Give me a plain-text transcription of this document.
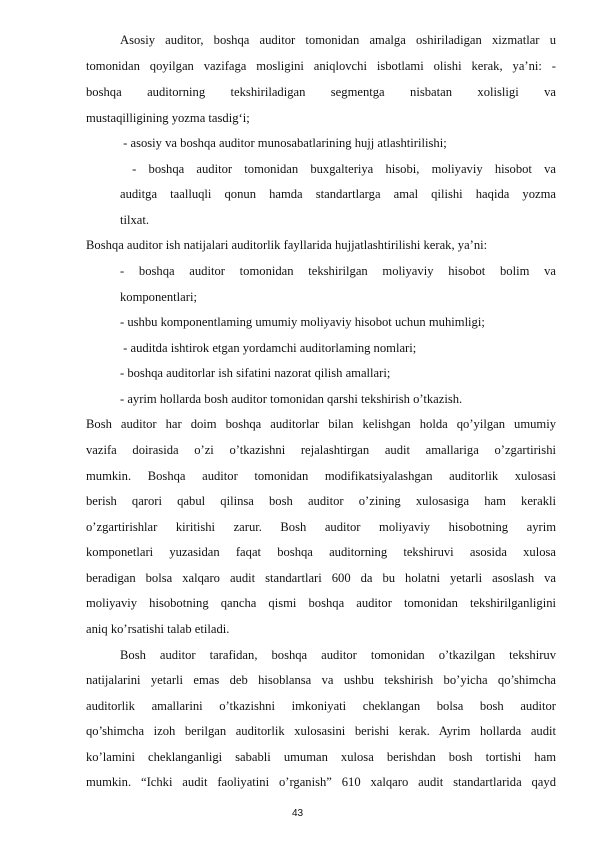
Asosiy auditor, boshqa auditor tomonidan amalga oshiriladigan xizmatlar u
tomonidan qoyilgan vazifaga mosligini aniqlovchi isbotlami olishi kerak, ya’ni: -
boshqa auditorning tekshiriladigan segmentga nisbatan xolisligi va
mustaqilligining yozma tasdig‘i;
- asosiy va boshqa auditor munosabatlarining hujj atlashtirilishi;
- boshqa auditor tomonidan buxgalteriya hisobi, moliyaviy hisobot va
auditga taalluqli qonun hamda standartlarga amal qilishi haqida yozma
tilxat.
Boshqa auditor ish natijalari auditorlik fayllarida hujjatlashtirilishi kerak, ya’ni:
- boshqa auditor tomonidan tekshirilgan moliyaviy hisobot bolim va
komponentlari;
- ushbu komponentlaming umumiy moliyaviy hisobot uchun muhimligi;
- auditda ishtirok etgan yordamchi auditorlaming nomlari;
- boshqa auditorlar ish sifatini nazorat qilish amallari;
- ayrim hollarda bosh auditor tomonidan qarshi tekshirish o’tkazish.
Bosh auditor har doim boshqa auditorlar bilan kelishgan holda qo’yilgan umumiy
vazifa doirasida o’zi o’tkazishni rejalashtirgan audit amallariga o’zgartirishi
mumkin. Boshqa auditor tomonidan modifikatsiyalashgan auditorlik xulosasi
berish qarori qabul qilinsa bosh auditor o’zining xulosasiga ham kerakli
o’zgartirishlar kiritishi zarur. Bosh auditor moliyaviy hisobotning ayrim
komponetlari yuzasidan faqat boshqa auditorning tekshiruvi asosida xulosa
beradigan bolsa xalqaro audit standartlari 600 da bu holatni yetarli asoslash va
moliyaviy hisobotning qancha qismi boshqa auditor tomonidan tekshirilganligini
aniq ko’rsatishi talab etiladi.
Bosh auditor tarafidan, boshqa auditor tomonidan o’tkazilgan tekshiruv
natijalarini yetarli emas deb hisoblansa va ushbu tekshirish bo’yicha qo’shimcha
auditorlik amallarini o’tkazishni imkoniyati cheklangan bolsa bosh auditor
qo’shimcha izoh berilgan auditorlik xulosasini berishi kerak. Ayrim hollarda audit
ko’lamini cheklanganligi sababli umuman xulosa berishdan bosh tortishi ham
mumkin. “Ichki audit faoliyatini o’rganish” 610 xalqaro audit standartlarida qayd
43
